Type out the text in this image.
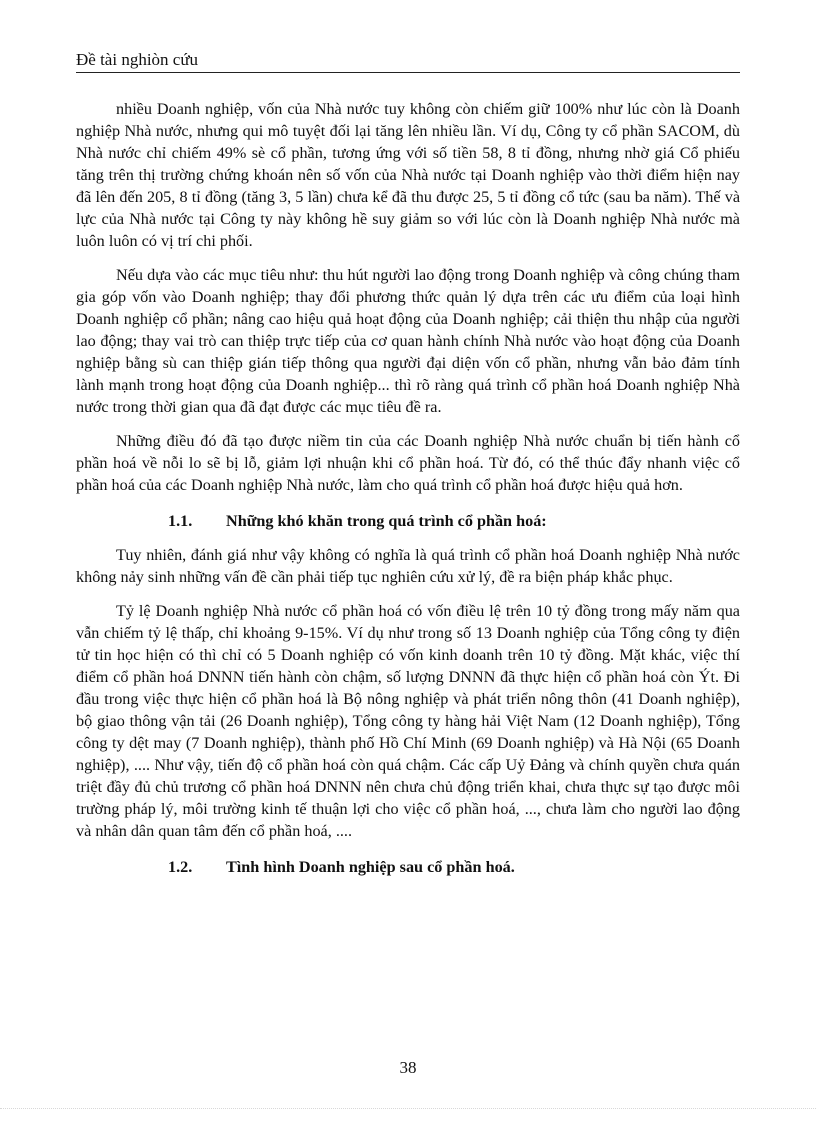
Đề tài nghiòn cứu

nhiều Doanh nghiệp, vốn của Nhà nước tuy không còn chiếm giữ 100% như lúc còn là Doanh nghiệp Nhà nước, nhưng qui mô tuyệt đối lại tăng lên nhiều lần. Ví dụ, Công ty cổ phần SACOM, dù Nhà nước chỉ chiếm 49% sè cổ phần, tương ứng với số tiền 58, 8 tỉ đồng, nhưng nhờ giá Cổ phiếu tăng trên thị trường chứng khoán nên số vốn của Nhà nước tại Doanh nghiệp vào thời điểm hiện nay đã lên đến 205, 8 tỉ đồng (tăng 3, 5 lần) chưa kể đã thu được 25, 5 tỉ đồng cổ tức (sau ba năm). Thế và lực của Nhà nước tại Công ty này không hề suy giảm so với lúc còn là Doanh nghiệp Nhà nước mà luôn luôn có vị trí chi phối.

Nếu dựa vào các mục tiêu như: thu hút người lao động trong Doanh nghiệp và công chúng tham gia góp vốn vào Doanh nghiệp; thay đổi phương thức quản lý dựa trên các ưu điểm của loại hình Doanh nghiệp cổ phần; nâng cao hiệu quả hoạt động của Doanh nghiệp; cải thiện thu nhập của người lao động; thay vai trò can thiệp trực tiếp của cơ quan hành chính Nhà nước vào hoạt động của Doanh nghiệp bằng sù can thiệp gián tiếp thông qua người đại diện vốn cổ phần, nhưng vẫn bảo đảm tính lành mạnh trong hoạt động của Doanh nghiệp... thì rõ ràng quá trình cổ phần hoá Doanh nghiệp Nhà nước trong thời gian qua đã đạt được các mục tiêu đề ra.

Những điều đó đã tạo được niềm tin của các Doanh nghiệp Nhà nước chuẩn bị tiến hành cổ phần hoá về nỗi lo sẽ bị lỗ, giảm lợi nhuận khi cổ phần hoá. Từ đó, có thể thúc đẩy nhanh việc cổ phần hoá của các Doanh nghiệp Nhà nước, làm cho quá trình cổ phần hoá được hiệu quả hơn.

1.1.	Những khó khăn trong quá trình cổ phần hoá:

Tuy nhiên, đánh giá như vậy không có nghĩa là quá trình cổ phần hoá Doanh nghiệp Nhà nước không nảy sinh những vấn đề cần phải tiếp tục nghiên cứu xử lý, đề ra biện pháp khắc phục.

Tỷ lệ Doanh nghiệp Nhà nước cổ phần hoá có vốn điều lệ trên 10 tỷ đồng trong mấy năm qua vẫn chiếm tỷ lệ thấp, chỉ khoảng 9-15%. Ví dụ như trong số 13 Doanh nghiệp của Tổng công ty điện tử tin học hiện có thì chỉ có 5 Doanh nghiệp có vốn kinh doanh trên 10 tỷ đồng. Mặt khác, việc thí điểm cổ phần hoá DNNN tiến hành còn chậm, số lượng DNNN đã thực hiện cổ phần hoá còn Ýt. Đi đầu trong việc thực hiện cổ phần hoá là Bộ nông nghiệp và phát triển nông thôn (41 Doanh nghiệp), bộ giao thông vận tải (26 Doanh nghiệp), Tổng công ty hàng hải Việt Nam (12 Doanh nghiệp), Tổng công ty dệt may (7 Doanh nghiệp), thành phố Hồ Chí Minh (69 Doanh nghiệp) và Hà Nội (65 Doanh nghiệp), .... Như vậy, tiến độ cổ phần hoá còn quá chậm. Các cấp Uỷ Đảng và chính quyền chưa quán triệt đầy đủ chủ trương cổ phần hoá DNNN nên chưa chủ động triển khai, chưa thực sự tạo được môi trường pháp lý, môi trường kinh tế thuận lợi cho việc cổ phần hoá, ..., chưa làm cho người lao động và nhân dân quan tâm đến cổ phần hoá, ....

1.2.	Tình hình Doanh nghiệp sau cổ phần hoá.
38
